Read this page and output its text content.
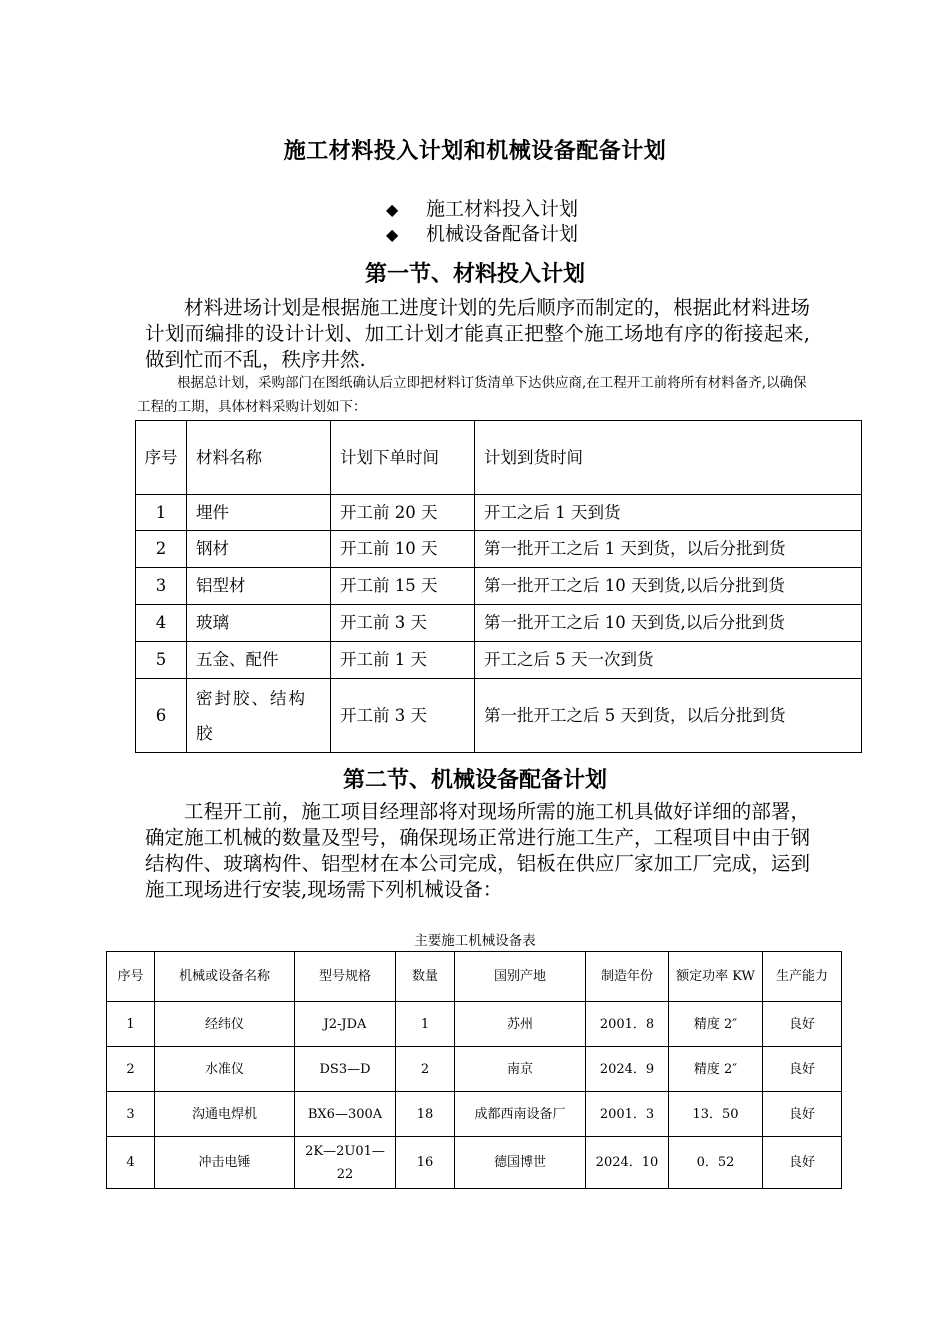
施工材料投入计划和机械设备配备计划
◆	施工材料投入计划
◆	机械设备配备计划
第一节、材料投入计划

材料进场计划是根据施工进度计划的先后顺序而制定的，根据此材料进场计划而编排的设计计划、加工计划才能真正把整个施工场地有序的衔接起来,做到忙而不乱，秩序井然.

根据总计划，采购部门在图纸确认后立即把材料订货清单下达供应商,在工程开工前将所有材料备齐,以确保工程的工期，具体材料采购计划如下：

序号	材料名称	计划下单时间	计划到货时间
1	埋件	开工前 20 天	开工之后 1 天到货
2	钢材	开工前 10 天	第一批开工之后 1 天到货，以后分批到货
3	铝型材	开工前 15 天	第一批开工之后 10 天到货,以后分批到货
4	玻璃	开工前 3 天	第一批开工之后 10 天到货,以后分批到货
5	五金、配件	开工前 1 天	开工之后 5 天一次到货
6	密封胶、结构胶	开工前 3 天	第一批开工之后 5 天到货，以后分批到货
第二节、机械设备配备计划

工程开工前，施工项目经理部将对现场所需的施工机具做好详细的部署，确定施工机械的数量及型号，确保现场正常进行施工生产，工程项目中由于钢结构件、玻璃构件、铝型材在本公司完成，铝板在供应厂家加工厂完成，运到施工现场进行安装,现场需下列机械设备：

主要施工机械设备表
序号	机械或设备名称	型号规格	数量	国别产地	制造年份	额定功率 KW	生产能力
1	经纬仪	J2-JDA	1	苏州	2001．8	精度 2″	良好
2	水准仪	DS3—D	2	南京	2024．9	精度 2″	良好
3	沟通电焊机	BX6—300A	18	成都西南设备厂	2001．3	13．50	良好
4	冲击电锤	2K—2U01—22	16	德国博世	2024．10	0．52	良好
